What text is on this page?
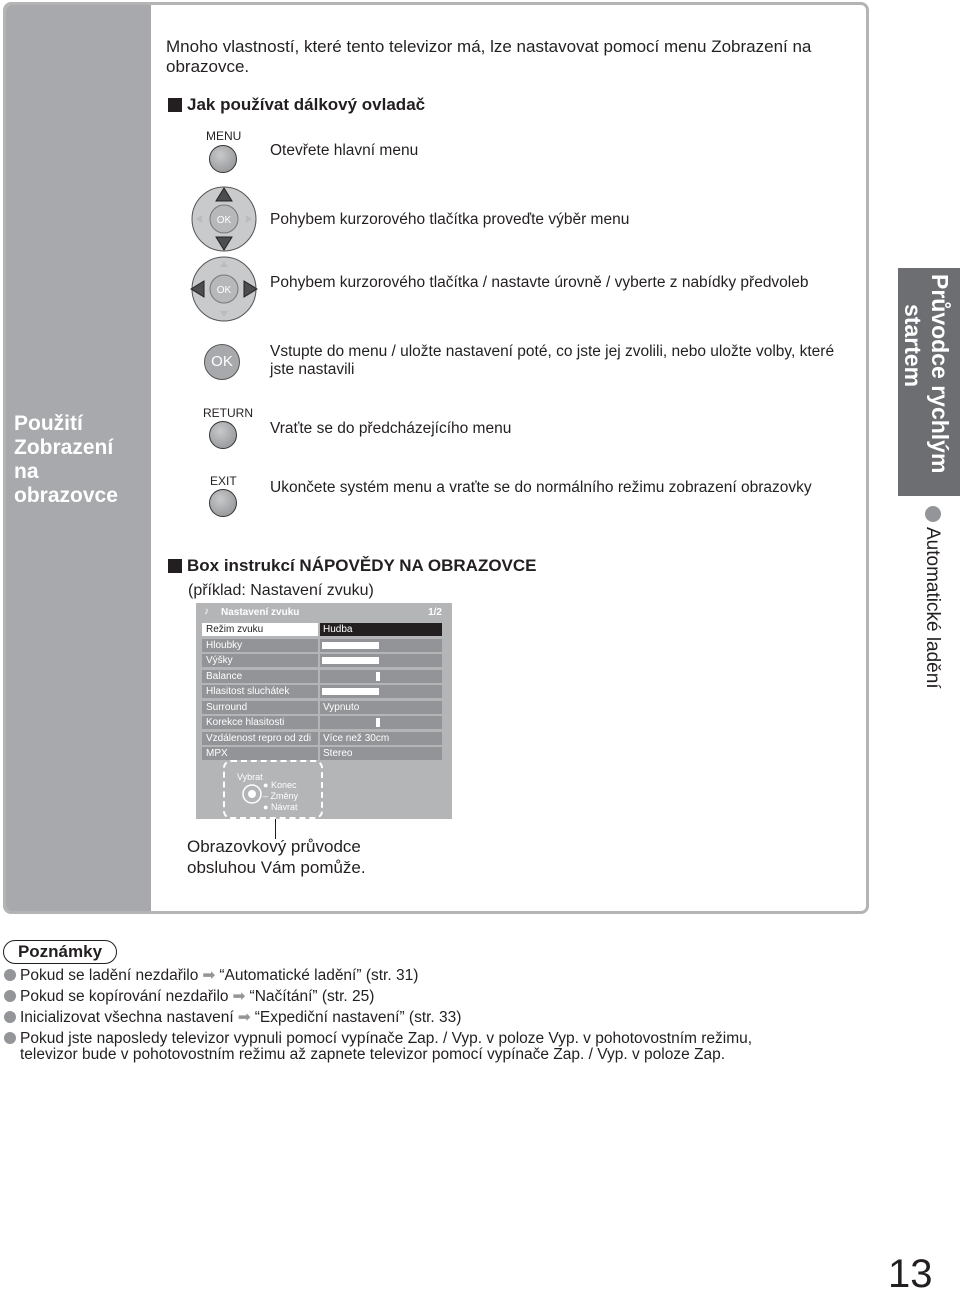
Použití
Zobrazení
na
obrazovce
Mnoho vlastností, které tento televizor má, lze nastavovat pomocí menu Zobrazení na obrazovce.
Jak používat dálkový ovladač
MENU
Otevřete hlavní menu
OK	Pohybem kurzorového tlačítka proveďte výběr menu
OK	Pohybem kurzorového tlačítka / nastavte úrovně / vyberte z nabídky předvoleb
OK
Vstupte do menu / uložte nastavení poté, co jste jej zvolili, nebo uložte volby, které jste nastavili
RETURN
Vraťte se do předcházejícího menu
EXIT Ukončete systém menu a vraťte se do normálního režimu zobrazení obrazovky
Box instrukcí NÁPOVĚDY NA OBRAZOVCE
(příklad: Nastavení zvuku)
♪ Nastavení zvuku	1/2
Režim zvuku	Hudba
Hloubky
Výšky
Balance
Hlasitost sluchátek
Surround	Vypnuto
Korekce hlasitosti
Vzdálenost repro od zdi	Více než 30cm
MPX	Stereo
Vybrat
● Konec
‒ Změny
● Návrat
Obrazovkový průvodce
obsluhou Vám pomůže.
Průvodce rychlým
startem
Automatické ladění
Poznámky
Pokud se ladění nezdařilo ➡ “Automatické ladění” (str. 31)
Pokud se kopírování nezdařilo ➡ “Načítání” (str. 25)
Inicializovat všechna nastavení ➡ “Expediční nastavení” (str. 33)
Pokud jste naposledy televizor vypnuli pomocí vypínače Zap. / Vyp. v poloze Vyp. v pohotovostním režimu,
televizor bude v pohotovostním režimu až zapnete televizor pomocí vypínače Zap. / Vyp. v poloze Zap.
13
